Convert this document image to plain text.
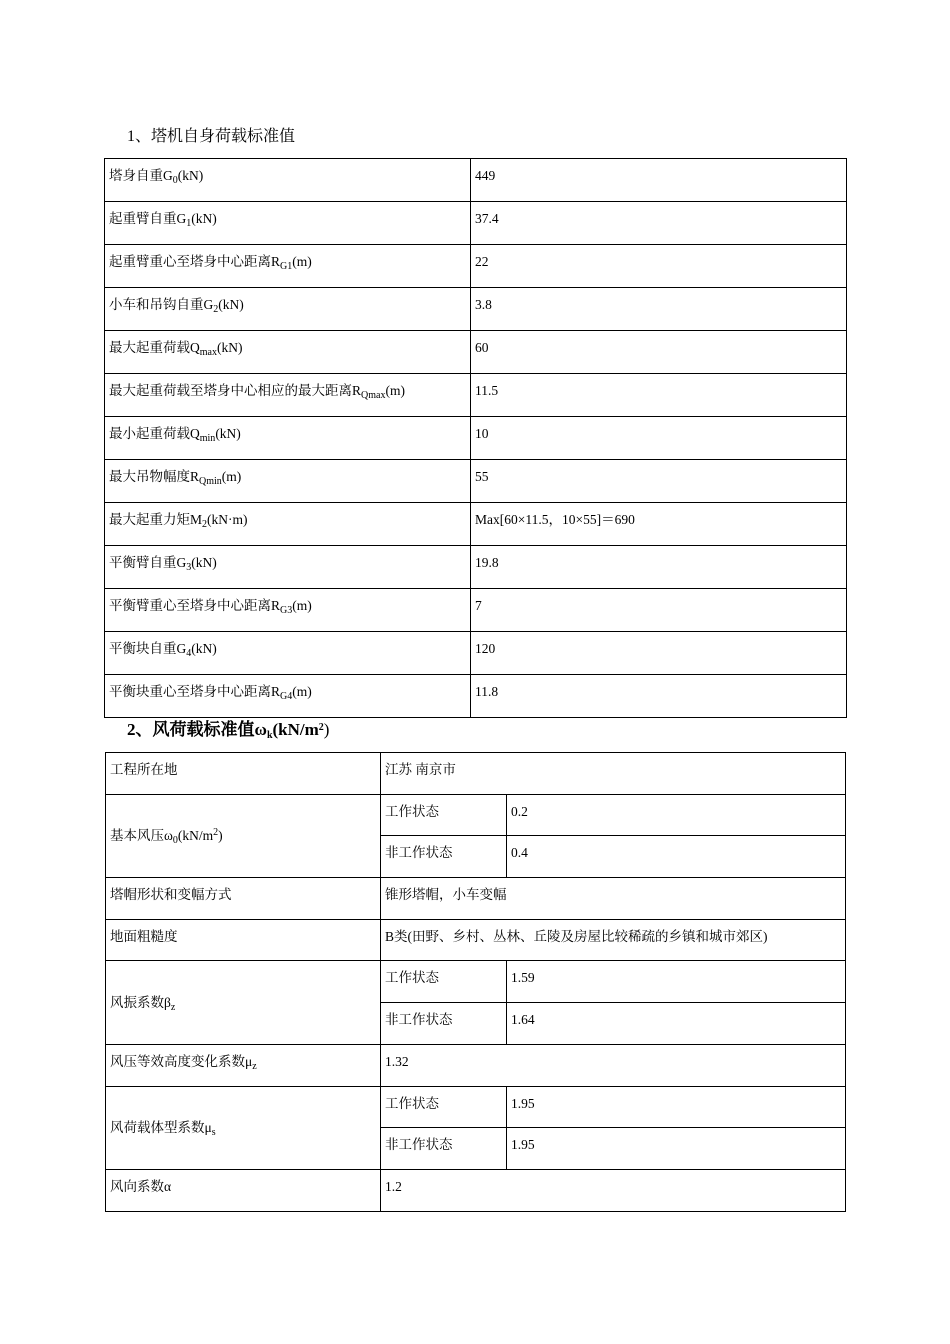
1、塔机自身荷载标准值
塔身自重$G_0(kN)$	449
起重臂自重$G_1(kN)$	37.4
起重臂重心至塔身中心距离$R_{G1}(m)$	22
小车和吊钩自重$G_2(kN)$	3.8
最大起重荷载$Q_{max}(kN)$	60
最大起重荷载至塔身中心相应的最大距离$R_{Qmax}(m)$	11.5
最小起重荷载$Q_{min}(kN)$	10
最大吊物幅度$R_{Qmin}(m)$	55
最大起重力矩$M_2(kN\cdot m)$	Max[60×11.5，10×55]＝690
平衡臂自重$G_3(kN)$	19.8
平衡臂重心至塔身中心距离$R_{G3}(m)$	7
平衡块自重$G_4(kN)$	120
平衡块重心至塔身中心距离$R_{G4}(m)$	11.8
2、风荷载标准值$\omega_k(kN/m^2)$
工程所在地	江苏 南京市	
基本风压$\omega_0(kN/m^2)$	工作状态	0.2
	非工作状态	0.4
塔帽形状和变幅方式	锥形塔帽，小车变幅	
地面粗糙度	B类(田野、乡村、丛林、丘陵及房屋比较稀疏的乡镇和城市郊区)	
风振系数$\beta_z$	工作状态	1.59
	非工作状态	1.64
风压等效高度变化系数$\mu_z$	1.32	
风荷载体型系数$\mu_s$	工作状态	1.95
	非工作状态	1.95
风向系数α	1.2	
